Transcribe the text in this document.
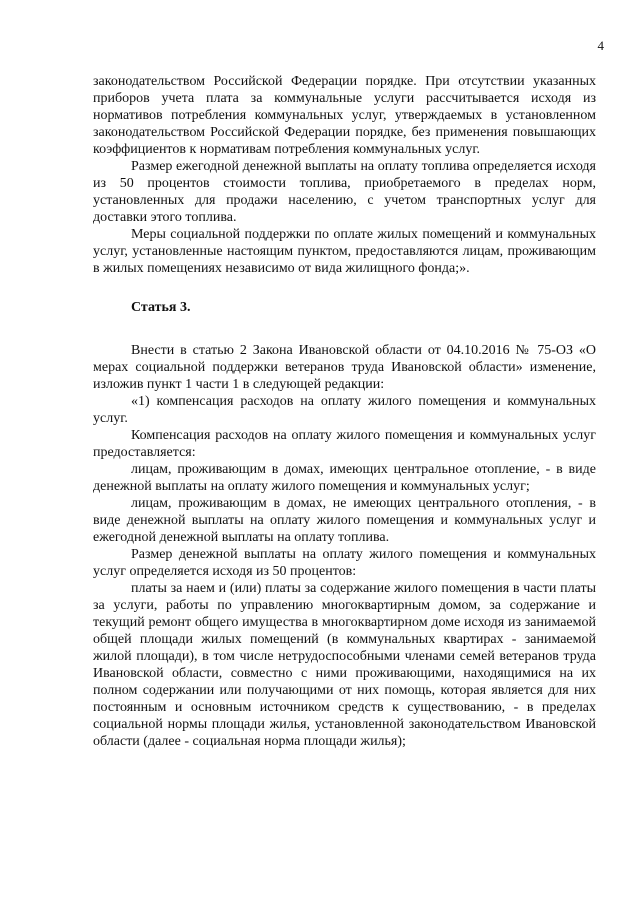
4

законодательством Российской Федерации порядке. При отсутствии указанных приборов учета плата за коммунальные услуги рассчитывается исходя из нормативов потребления коммунальных услуг, утверждаемых в установленном законодательством Российской Федерации порядке, без применения повышающих коэффициентов к нормативам потребления коммунальных услуг.

Размер ежегодной денежной выплаты на оплату топлива определяется исходя из 50 процентов стоимости топлива, приобретаемого в пределах норм, установленных для продажи населению, с учетом транспортных услуг для доставки этого топлива.

Меры социальной поддержки по оплате жилых помещений и коммунальных услуг, установленные настоящим пунктом, предоставляются лицам, проживающим в жилых помещениях независимо от вида жилищного фонда;».

Статья 3.

Внести в статью 2 Закона Ивановской области от 04.10.2016 № 75-ОЗ «О мерах социальной поддержки ветеранов труда Ивановской области» изменение, изложив пункт 1 части 1 в следующей редакции:

«1) компенсация расходов на оплату жилого помещения и коммунальных услуг.

Компенсация расходов на оплату жилого помещения и коммунальных услуг предоставляется:

лицам, проживающим в домах, имеющих центральное отопление, - в виде денежной выплаты на оплату жилого помещения и коммунальных услуг;

лицам, проживающим в домах, не имеющих центрального отопления, - в виде денежной выплаты на оплату жилого помещения и коммунальных услуг и ежегодной денежной выплаты на оплату топлива.

Размер денежной выплаты на оплату жилого помещения и коммунальных услуг определяется исходя из 50 процентов:

платы за наем и (или) платы за содержание жилого помещения в части платы за услуги, работы по управлению многоквартирным домом, за содержание и текущий ремонт общего имущества в многоквартирном доме исходя из занимаемой общей площади жилых помещений (в коммунальных квартирах - занимаемой жилой площади), в том числе нетрудоспособными членами семей ветеранов труда Ивановской области, совместно с ними проживающими, находящимися на их полном содержании или получающими от них помощь, которая является для них постоянным и основным источником средств к существованию, - в пределах социальной нормы площади жилья, установленной законодательством Ивановской области (далее - социальная норма площади жилья);
